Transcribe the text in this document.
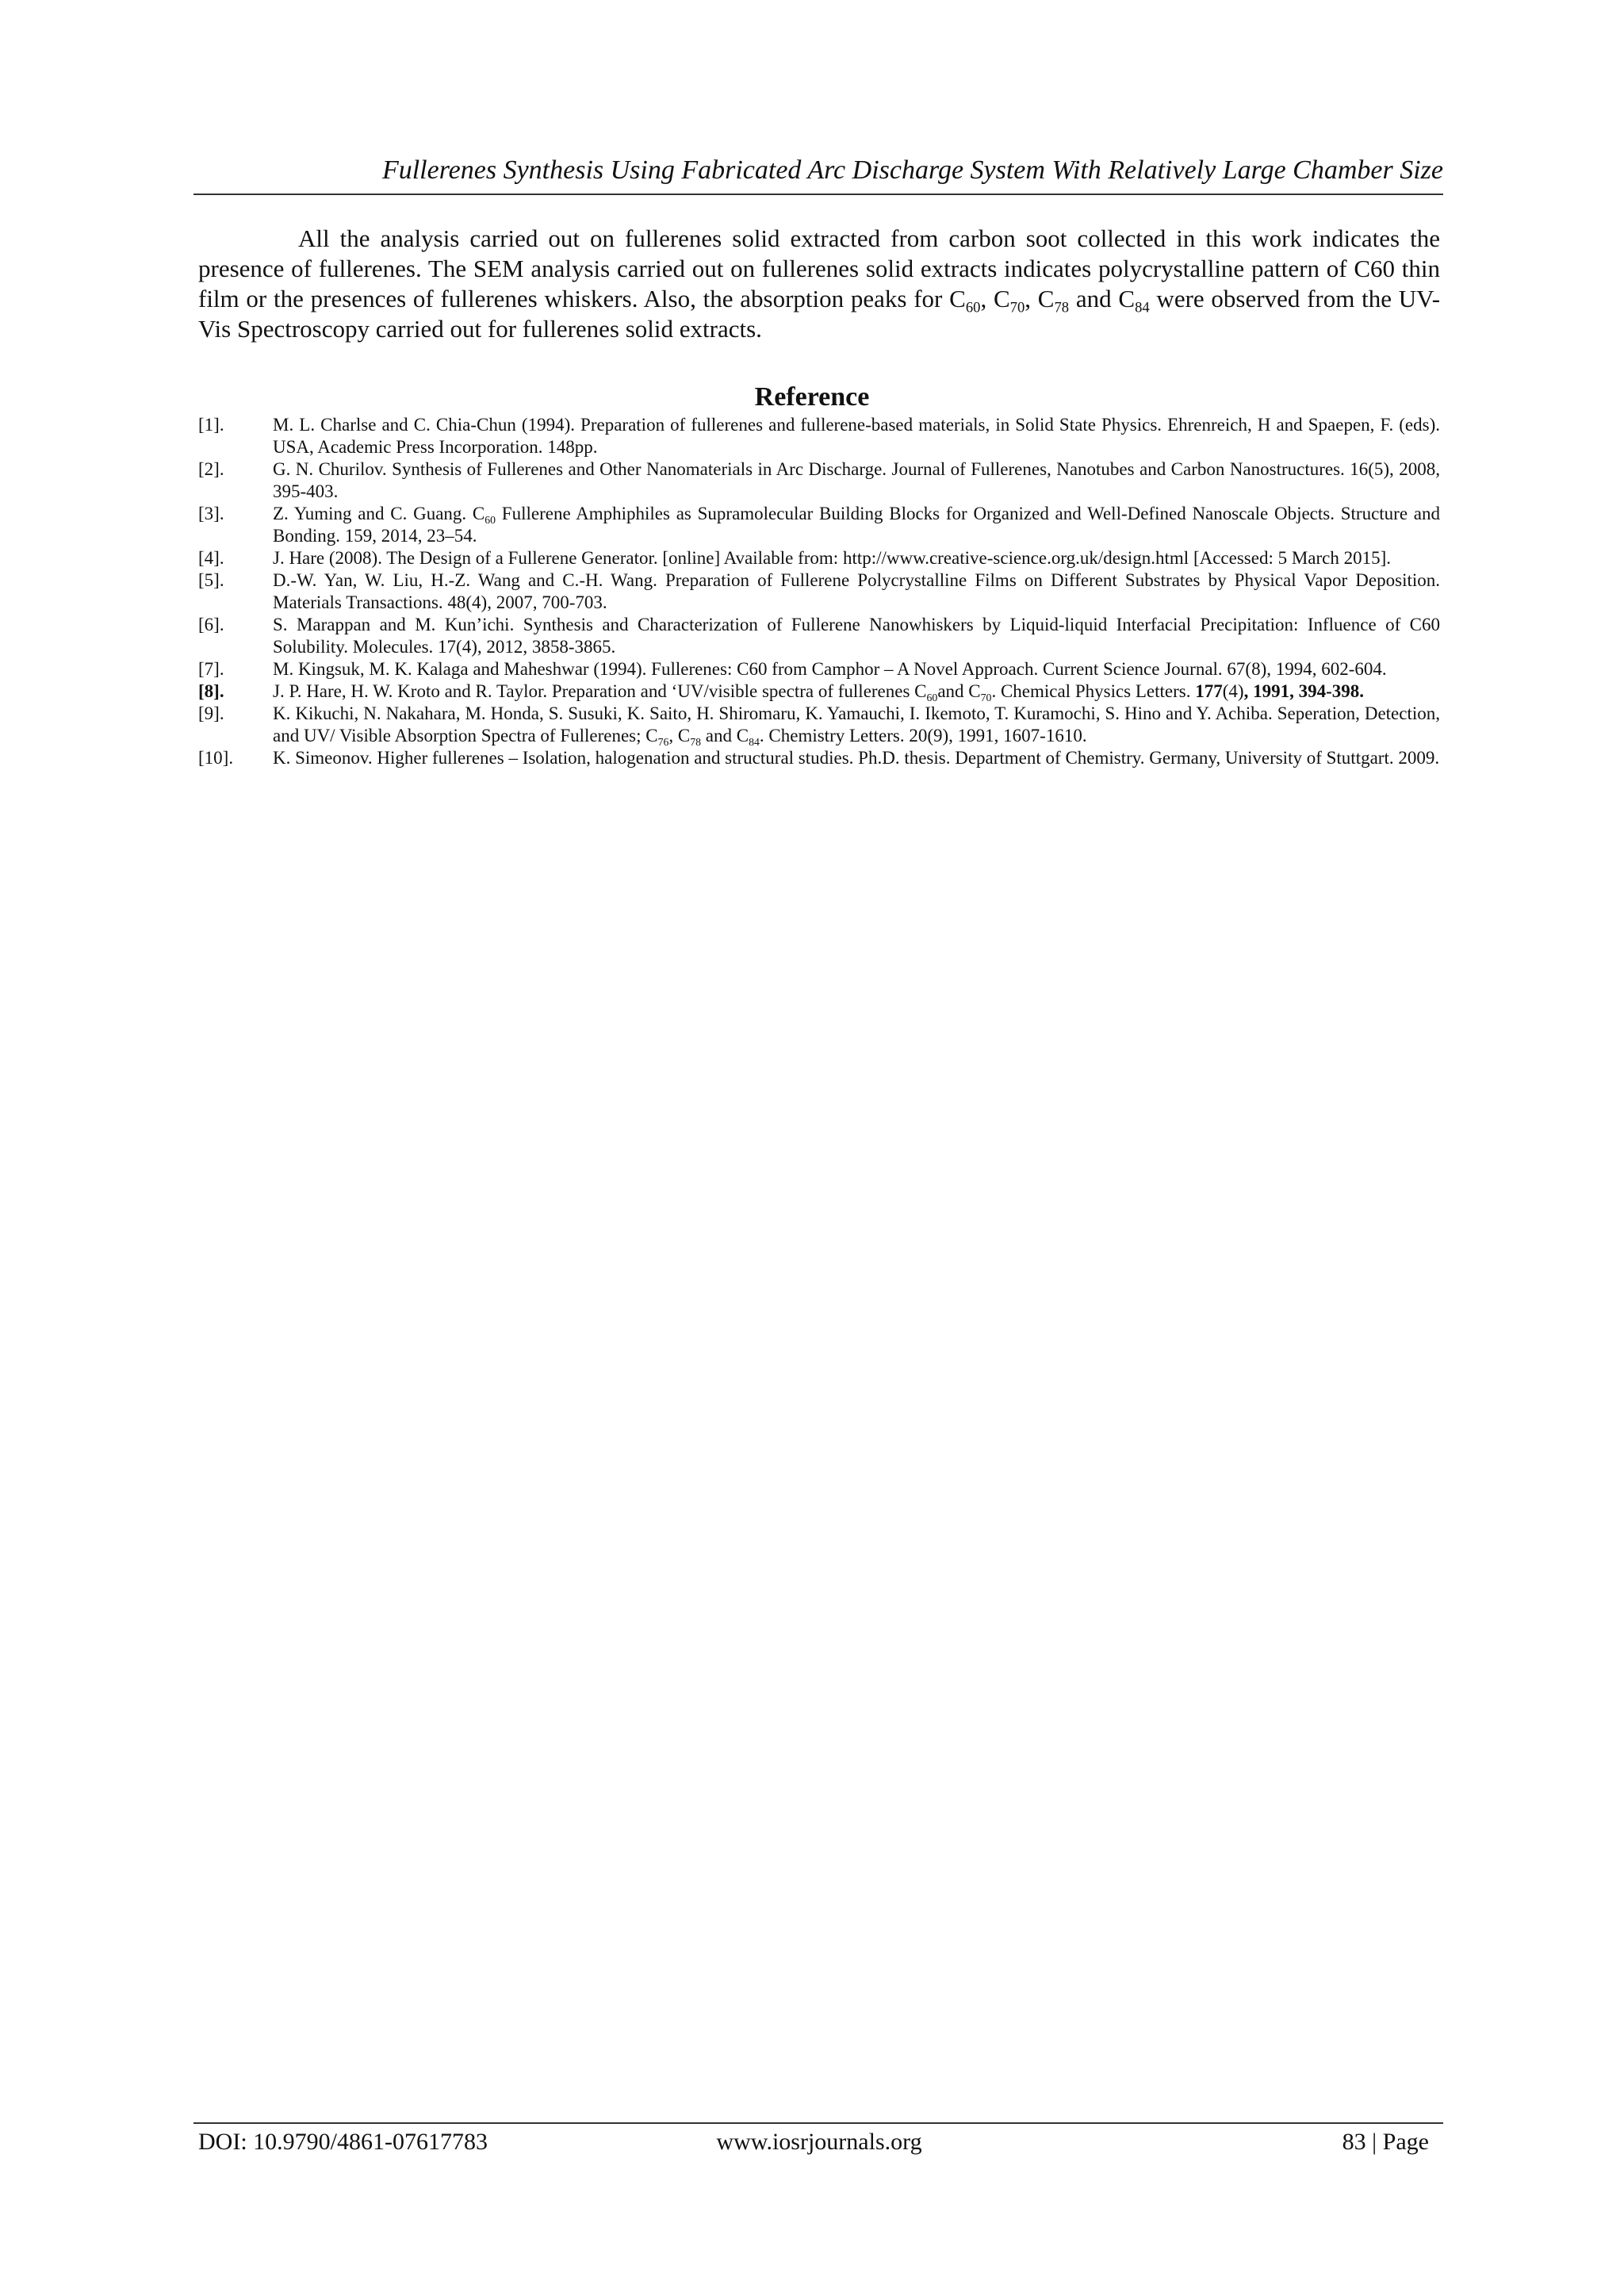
Fullerenes Synthesis Using Fabricated Arc Discharge System With Relatively Large Chamber Size

All the analysis carried out on fullerenes solid extracted from carbon soot collected in this work indicates the presence of fullerenes. The SEM analysis carried out on fullerenes solid extracts indicates polycrystalline pattern of C60 thin film or the presences of fullerenes whiskers. Also, the absorption peaks for $C_{60}$, $C_{70}$, $C_{78}$ and $C_{84}$ were observed from the UV-Vis Spectroscopy carried out for fullerenes solid extracts.

Reference
[1].	M. L. Charlse and C. Chia-Chun (1994). Preparation of fullerenes and fullerene-based materials, in Solid State Physics. Ehrenreich, H and Spaepen, F. (eds). USA, Academic Press Incorporation. 148pp.
[2].	G. N. Churilov. Synthesis of Fullerenes and Other Nanomaterials in Arc Discharge. Journal of Fullerenes, Nanotubes and Carbon Nanostructures. 16(5), 2008, 395-403.
[3].	Z. Yuming and C. Guang. $C_{60}$ Fullerene Amphiphiles as Supramolecular Building Blocks for Organized and Well-Defined Nanoscale Objects. Structure and Bonding. 159, 2014, 23–54.
[4].	J. Hare (2008). The Design of a Fullerene Generator. [online] Available from: http://www.creative-science.org.uk/design.html [Accessed: 5 March 2015].
[5].	D.-W. Yan, W. Liu, H.-Z. Wang and C.-H. Wang. Preparation of Fullerene Polycrystalline Films on Different Substrates by Physical Vapor Deposition. Materials Transactions. 48(4), 2007, 700-703.
[6].	S. Marappan and M. Kun’ichi. Synthesis and Characterization of Fullerene Nanowhiskers by Liquid-liquid Interfacial Precipitation: Influence of C60 Solubility. Molecules. 17(4), 2012, 3858-3865.
[7].	M. Kingsuk, M. K. Kalaga and Maheshwar (1994). Fullerenes: C60 from Camphor – A Novel Approach. Current Science Journal. 67(8), 1994, 602-604.
[8].	J. P. Hare, H. W. Kroto and R. Taylor. Preparation and ‘UV/visible spectra of fullerenes $C_{60}and$ $C_{70}$. Chemical Physics Letters. 177(4), 1991, 394-398.
[9].	K. Kikuchi, N. Nakahara, M. Honda, S. Susuki, K. Saito, H. Shiromaru, K. Yamauchi, I. Ikemoto, T. Kuramochi, S. Hino and Y. Achiba. Seperation, Detection, and UV/ Visible Absorption Spectra of Fullerenes; $C_{76}$, $C_{78}$ and $C_{84}$. Chemistry Letters. 20(9), 1991, 1607-1610.
[10].	K. Simeonov. Higher fullerenes – Isolation, halogenation and structural studies. Ph.D. thesis. Department of Chemistry. Germany, University of Stuttgart. 2009.
DOI: 10.9790/4861-07617783	www.iosrjournals.org	83 | Page
